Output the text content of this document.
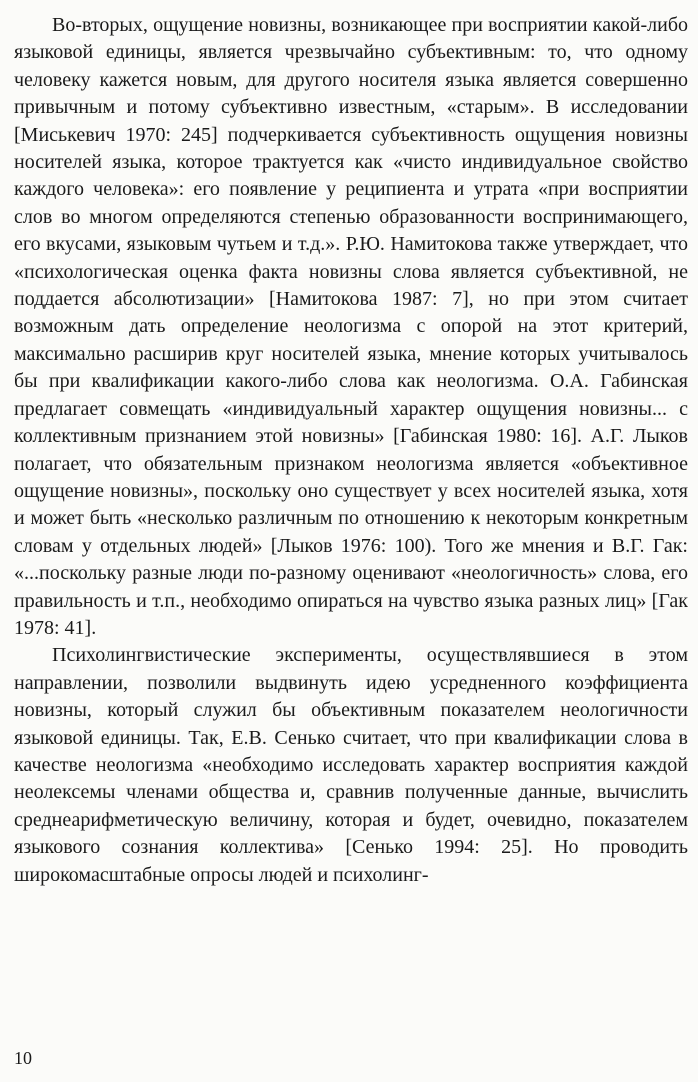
Во-вторых, ощущение новизны, возникающее при восприятии какой-либо языковой единицы, является чрезвычайно субъективным: то, что одному человеку кажется новым, для другого носителя языка является совершенно привычным и потому субъективно известным, «старым». В исследовании [Миськевич 1970: 245] подчеркивается субъективность ощущения новизны носителей языка, которое трактуется как «чисто индивидуальное свойство каждого человека»: его появление у реципиента и утрата «при восприятии слов во многом определяются степенью образованности воспринимающего, его вкусами, языковым чутьем и т.д.». Р.Ю. Намитокова также утверждает, что «психологическая оценка факта новизны слова является субъективной, не поддается абсолютизации» [Намитокова 1987: 7], но при этом считает возможным дать определение неологизма с опорой на этот критерий, максимально расширив круг носителей языка, мнение которых учитывалось бы при квалификации какого-либо слова как неологизма. О.А. Габинская предлагает совмещать «индивидуальный характер ощущения новизны... с коллективным признанием этой новизны» [Габинская 1980: 16]. А.Г. Лыков полагает, что обязательным признаком неологизма является «объективное ощущение новизны», поскольку оно существует у всех носителей языка, хотя и может быть «несколько различным по отношению к некоторым конкретным словам у отдельных людей» [Лыков 1976: 100). Того же мнения и В.Г. Гак: «...поскольку разные люди по-разному оценивают «неологичность» слова, его правильность и т.п., необходимо опираться на чувство языка разных лиц» [Гак 1978: 41].

Психолингвистические эксперименты, осуществлявшиеся в этом направлении, позволили выдвинуть идею усредненного коэффициента новизны, который служил бы объективным показателем неологичности языковой единицы. Так, Е.В. Сенько считает, что при квалификации слова в качестве неологизма «необходимо исследовать характер восприятия каждой неолексемы членами общества и, сравнив полученные данные, вычислить среднеарифметическую величину, которая и будет, очевидно, показателем языкового сознания коллектива» [Сенько 1994: 25]. Но проводить широкомасштабные опросы людей и психолинг-

10
